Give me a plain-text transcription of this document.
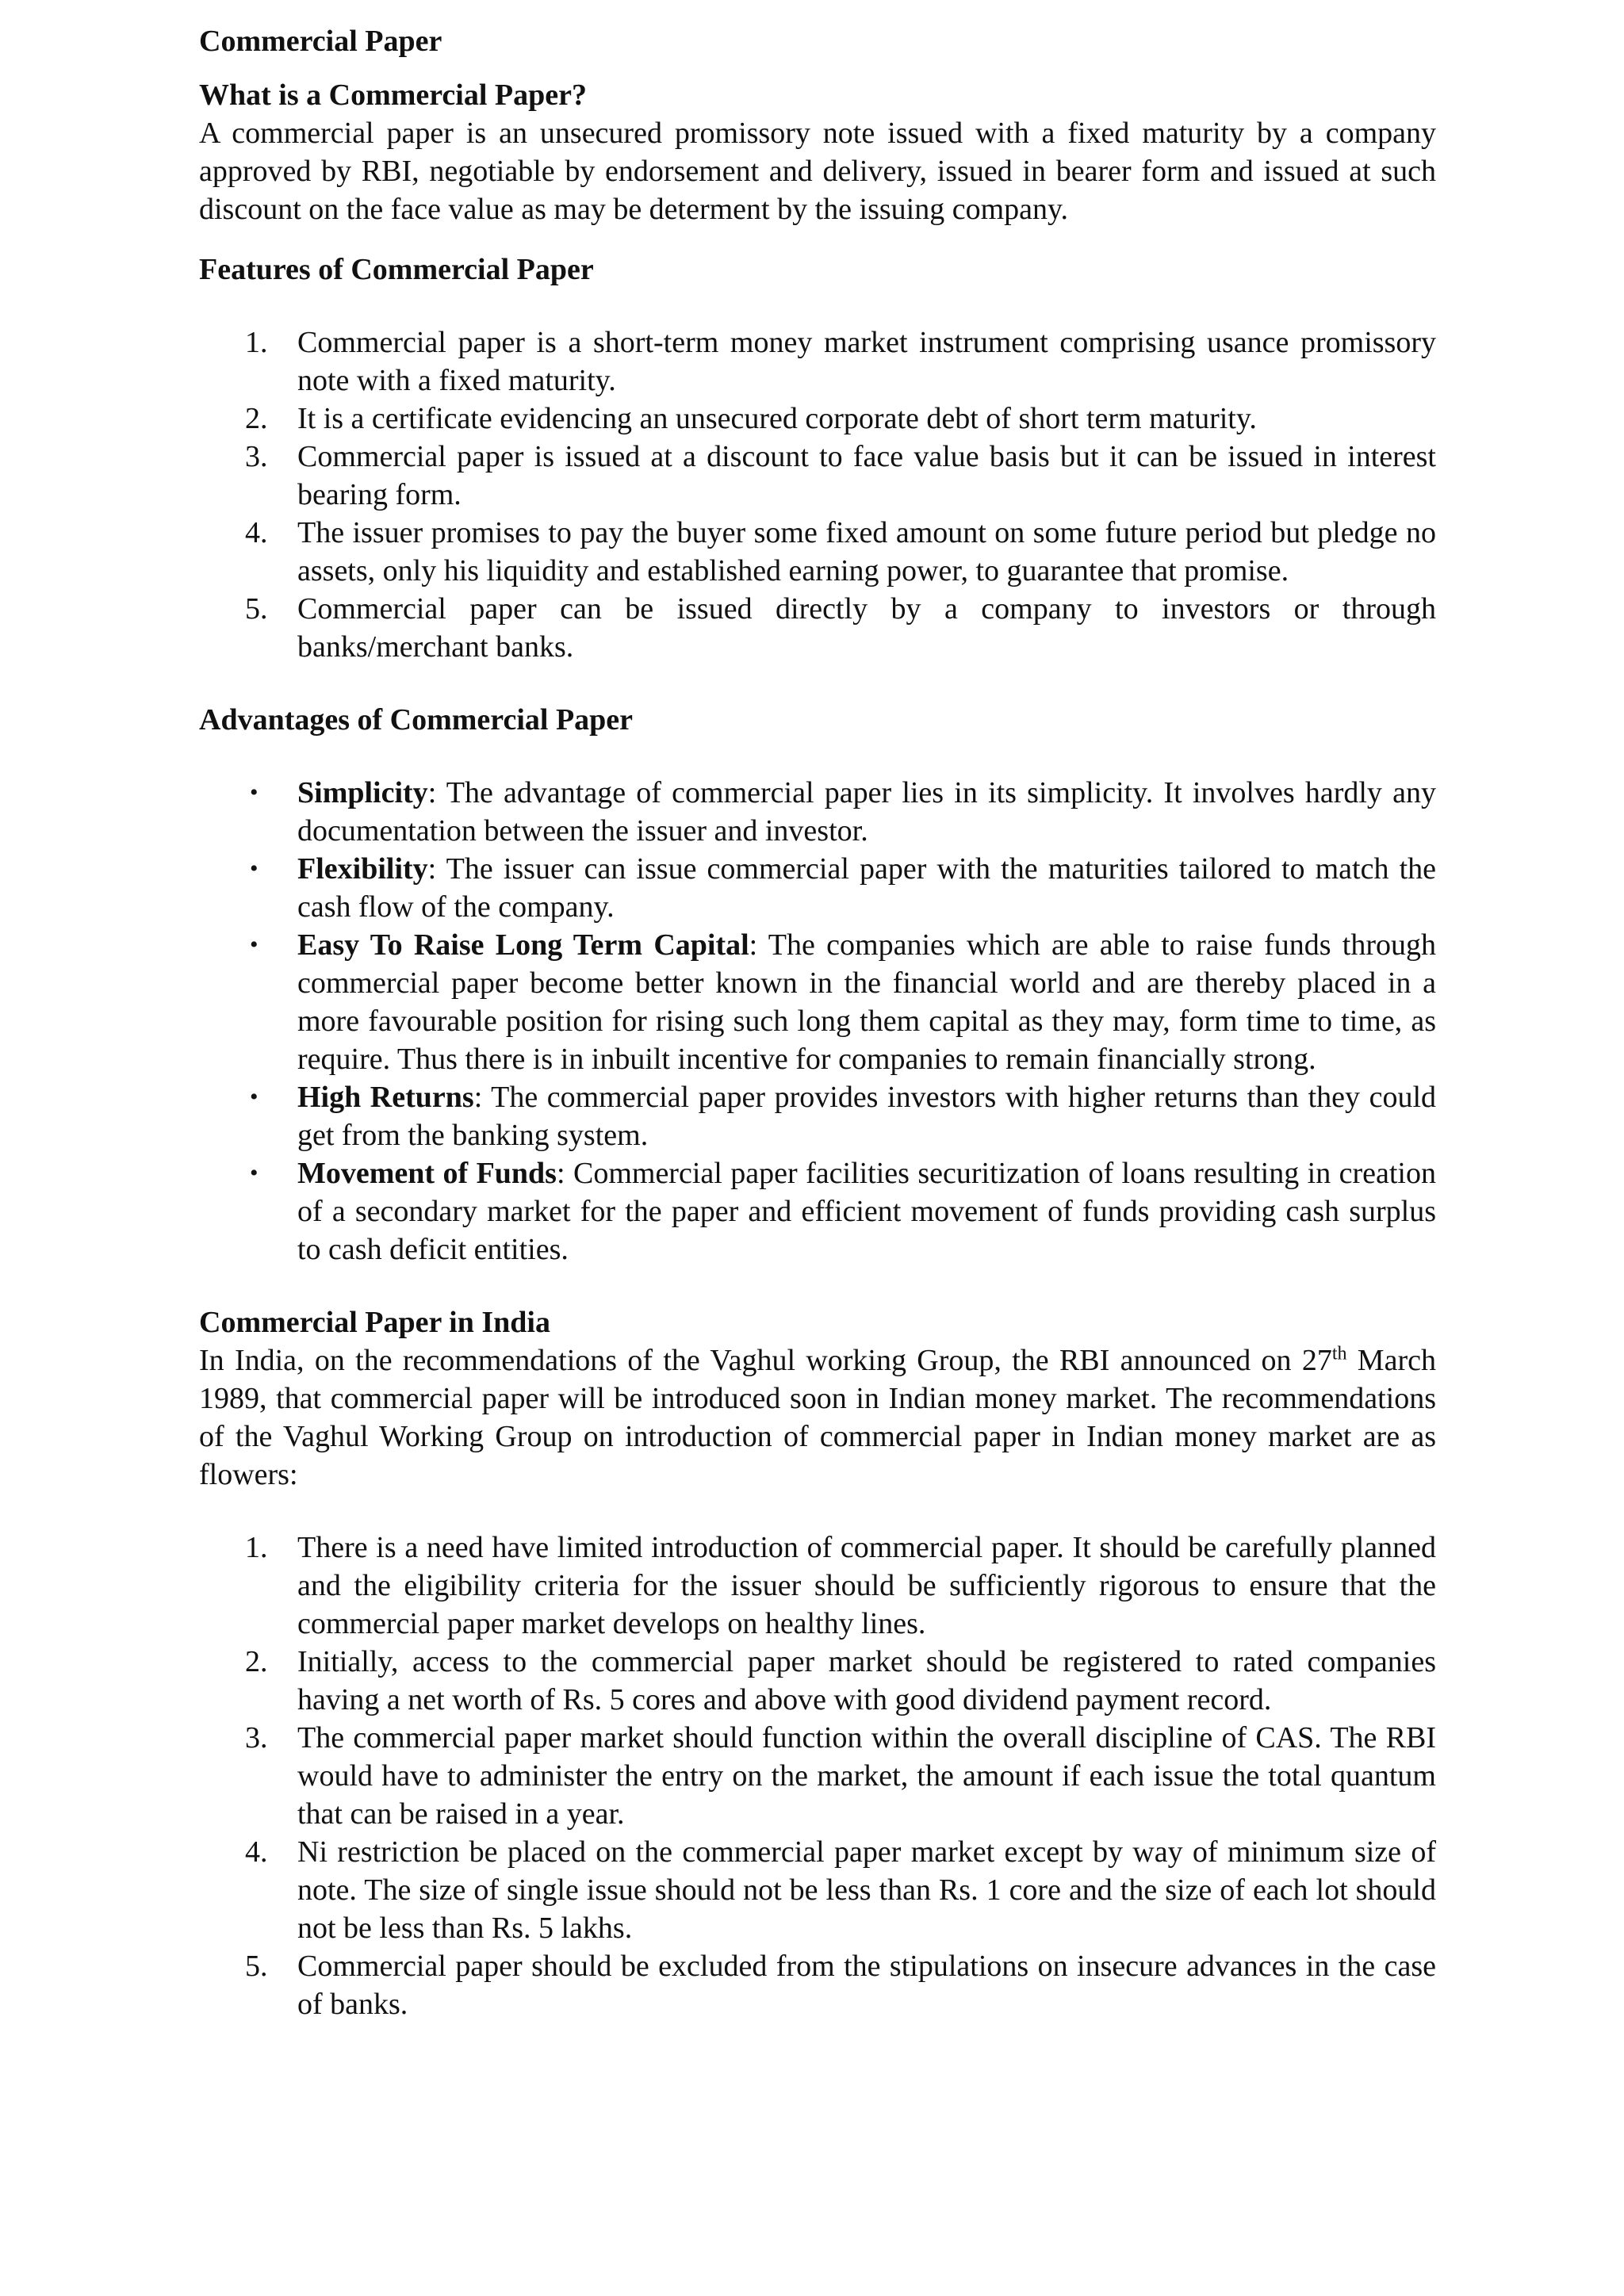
Commercial Paper
What is a Commercial Paper?

A commercial paper is an unsecured promissory note issued with a fixed maturity by a company approved by RBI, negotiable by endorsement and delivery, issued in bearer form and issued at such discount on the face value as may be determent by the issuing company.

Features of Commercial Paper
1. Commercial paper is a short-term money market instrument comprising usance promissory note with a fixed maturity.
2. It is a certificate evidencing an unsecured corporate debt of short term maturity.
3. Commercial paper is issued at a discount to face value basis but it can be issued in interest bearing form.
4. The issuer promises to pay the buyer some fixed amount on some future period but pledge no assets, only his liquidity and established earning power, to guarantee that promise.
5. Commercial paper can be issued directly by a company to investors or through banks/merchant banks.
Advantages of Commercial Paper
•	Simplicity: The advantage of commercial paper lies in its simplicity. It involves hardly any documentation between the issuer and investor.
•	Flexibility: The issuer can issue commercial paper with the maturities tailored to match the cash flow of the company.
•	Easy To Raise Long Term Capital: The companies which are able to raise funds through commercial paper become better known in the financial world and are thereby placed in a more favourable position for rising such long them capital as they may, form time to time, as require. Thus there is in inbuilt incentive for companies to remain financially strong.
•	High Returns: The commercial paper provides investors with higher returns than they could get from the banking system.
•	Movement of Funds: Commercial paper facilities securitization of loans resulting in creation of a secondary market for the paper and efficient movement of funds providing cash surplus to cash deficit entities.
Commercial Paper in India

In India, on the recommendations of the Vaghul working Group, the RBI announced on 27th March 1989, that commercial paper will be introduced soon in Indian money market. The recommendations of the Vaghul Working Group on introduction of commercial paper in Indian money market are as flowers:

1. There is a need have limited introduction of commercial paper. It should be carefully planned and the eligibility criteria for the issuer should be sufficiently rigorous to ensure that the commercial paper market develops on healthy lines.
2. Initially, access to the commercial paper market should be registered to rated companies having a net worth of Rs. 5 cores and above with good dividend payment record.
3. The commercial paper market should function within the overall discipline of CAS. The RBI would have to administer the entry on the market, the amount if each issue the total quantum that can be raised in a year.
4. Ni restriction be placed on the commercial paper market except by way of minimum size of note. The size of single issue should not be less than Rs. 1 core and the size of each lot should not be less than Rs. 5 lakhs.
5. Commercial paper should be excluded from the stipulations on insecure advances in the case of banks.
